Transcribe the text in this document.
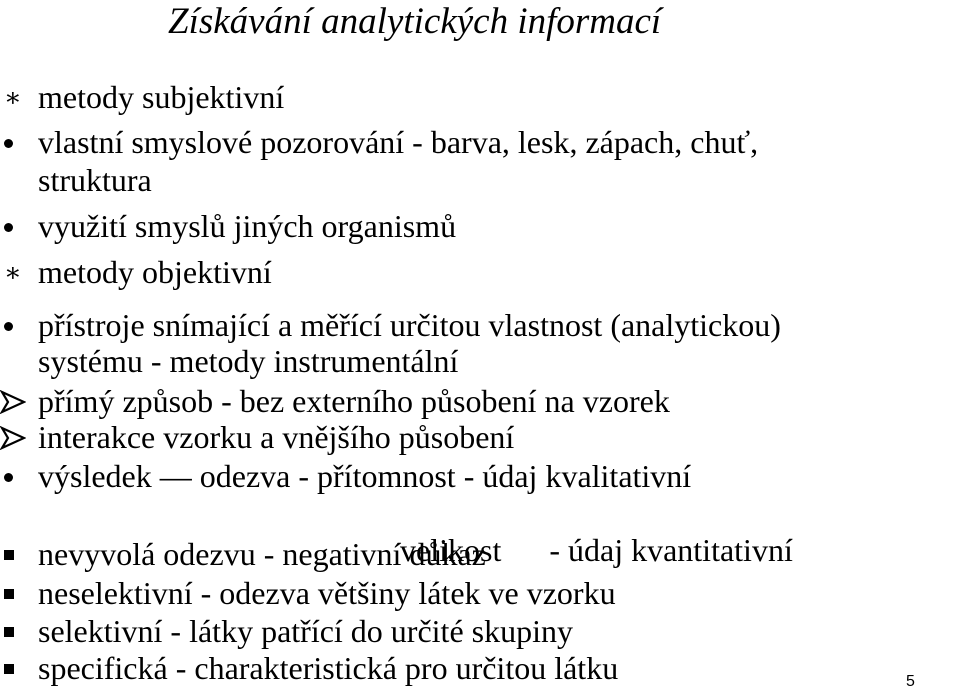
Získávání analytických informací
∗ metody subjektivní
vlastní smyslové pozorování - barva, lesk, zápach, chuť,
struktura
využití smyslů jiných organismů
∗ metody objektivní
přístroje snímající a měřící určitou vlastnost (analytickou)
systému - metody instrumentální
přímý způsob - bez externího působení na vzorek
interakce vzorku a vnějšího působení
výsledek — odezva - přítomnost - údaj kvalitativní

velikost      - údaj kvantitativní

nevyvolá odezvu - negativní důkaz
neselektivní - odezva většiny látek ve vzorku
selektivní - látky patřící do určité skupiny
specifická - charakteristická pro určitou látku	5
